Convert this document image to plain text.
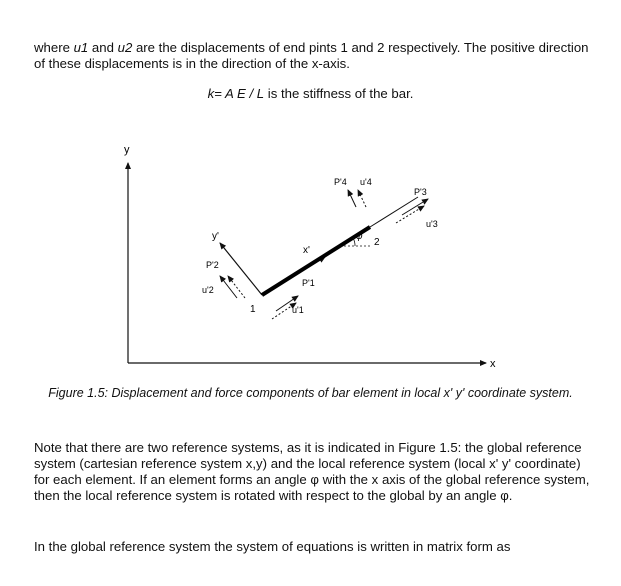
where u1 and u2 are the displacements of end pints 1 and 2 respectively. The positive direction of these displacements is in the direction of the x-axis.
k= A E / L is the stiffness of the bar.
y
x
y'
x'
1
2
φ
P'1
u'1
P'2
u'2
P'3
u'3
P'4 u'4
Figure 1.5: Displacement and force components of bar element in local x' y' coordinate system.
Note that there are two reference systems, as it is indicated in Figure 1.5: the global reference system (cartesian reference system x,y) and the local reference system (local x' y' coordinate) for each element. If an element forms an angle φ with the x axis of the global reference system, then the local reference system is rotated with respect to the global by an angle φ.
In the global reference system the system of equations is written in matrix form as
